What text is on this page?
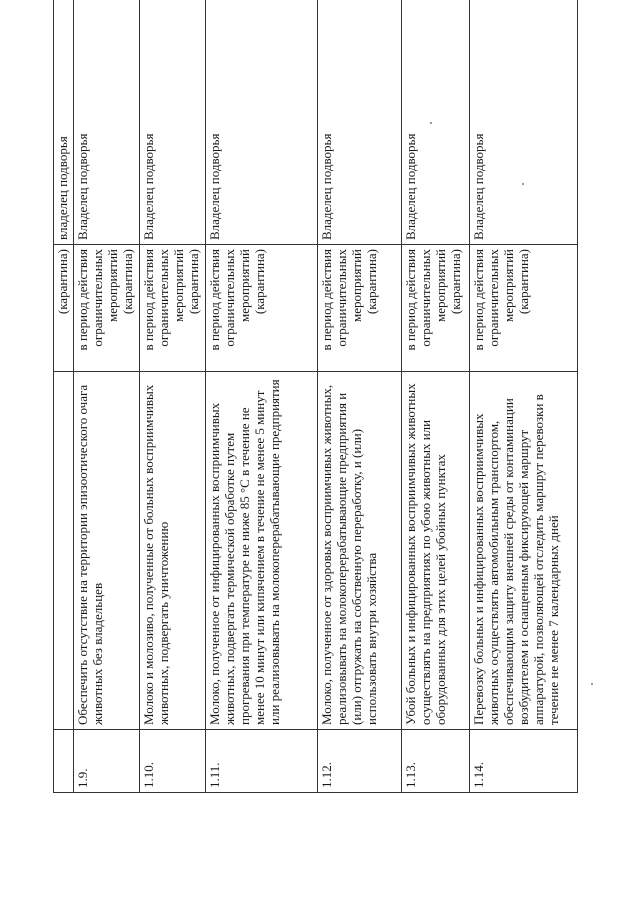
		(карантина)	владелец подворья
1.9.	Обеспечить отсутствие на территории эпизоотического очага животных без владельцев	в период действия ограничительных мероприятий (карантина)	Владелец подворья
1.10.	Молоко и молозиво, полученные от больных восприимчивых животных, подвергать уничтожению	в период действия ограничительных мероприятий (карантина)	Владелец подворья
1.11.	Молоко, полученное от инфицированных восприимчивых животных, подвергать термической обработке путем прогревания при температуре не ниже 85 °С в течение не менее 10 минут или кипячением в течение не менее 5 минут или реализовывать на молокоперерабатывающие предприятия	в период действия ограничительных мероприятий (карантина)	Владелец подворья
1.12.	Молоко, полученное от здоровых восприимчивых животных, реализовывать на молокоперерабатывающие предприятия и (или) отгружать на собственную переработку, и (или) использовать внутри хозяйства	в период действия ограничительных мероприятий (карантина)	Владелец подворья
1.13.	Убой больных и инфицированных восприимчивых животных осуществлять на предприятиях по убою животных или оборудованных для этих целей убойных пунктах	в период действия ограничительных мероприятий (карантина)	Владелец подворья
1.14.	Перевозку больных и инфицированных восприимчивых животных осуществлять автомобильным транспортом, обеспечивающим защиту внешней среды от контаминации возбудителем и оснащенным фиксирующей маршрут аппаратурой, позволяющей отследить маршрут перевозки в течение не менее 7 календарных дней	в период действия ограничительных мероприятий (карантина)	Владелец подворья
